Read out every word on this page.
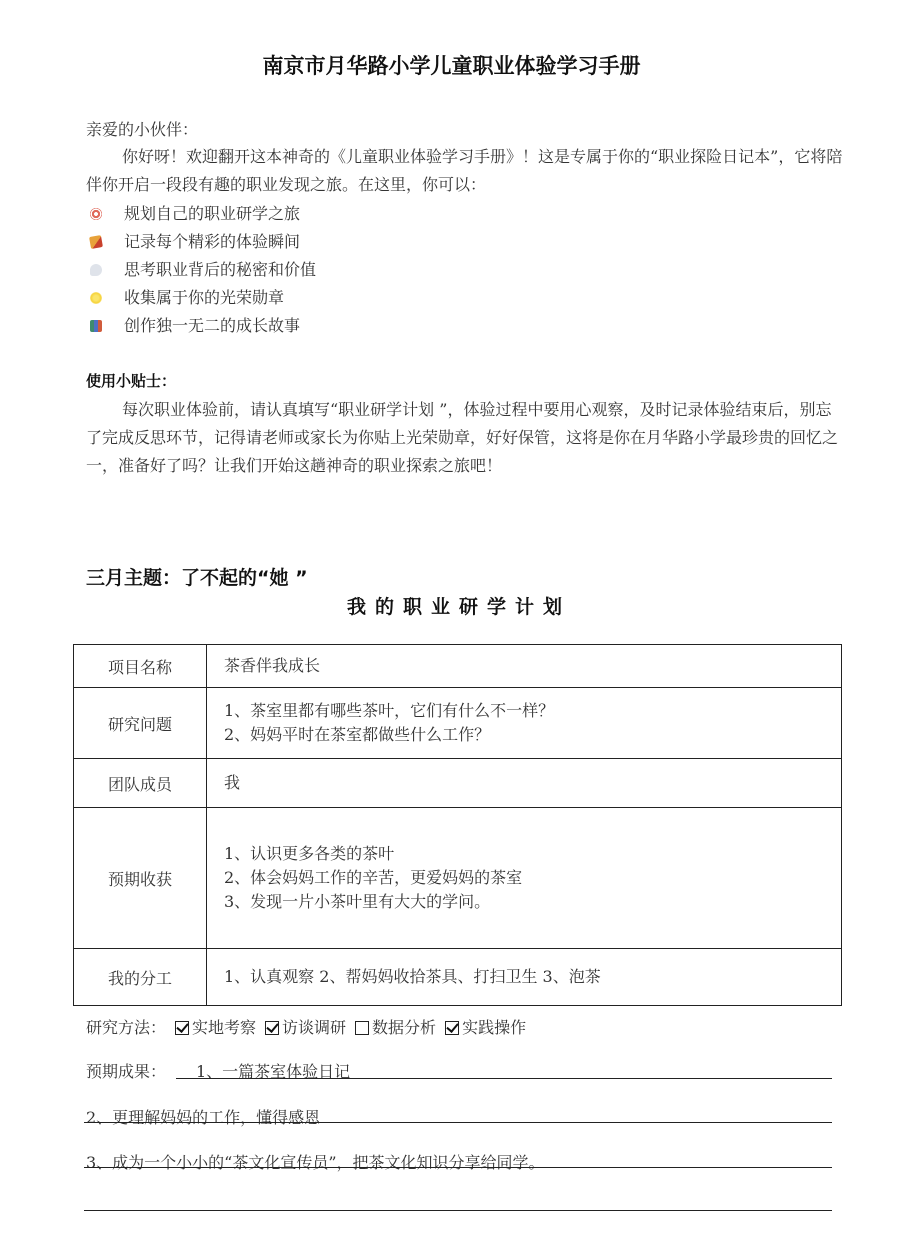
南京市月华路小学儿童职业体验学习手册
亲爱的小伙伴：
你好呀！欢迎翻开这本神奇的《儿童职业体验学习手册》！这是专属于你的“职业探险日记本”，它将陪伴你开启一段段有趣的职业发现之旅。在这里，你可以：
规划自己的职业研学之旅
记录每个精彩的体验瞬间
思考职业背后的秘密和价值
收集属于你的光荣勋章
创作独一无二的成长故事
使用小贴士：
每次职业体验前，请认真填写“职业研学计划 ”，体验过程中要用心观察，及时记录体验结束后，别忘了完成反思环节，记得请老师或家长为你贴上光荣勋章，好好保管，这将是你在月华路小学最珍贵的回忆之一，准备好了吗？让我们开始这趟神奇的职业探索之旅吧！
三月主题：了不起的“她 ”
我的职业研学计划
项目名称	茶香伴我成长

研究问题	1、茶室里都有哪些茶叶，它们有什么不一样？
2、妈妈平时在茶室都做些什么工作？

团队成员	我

预期收获	1、认识更多各类的茶叶
2、体会妈妈工作的辛苦，更爱妈妈的茶室
3、发现一片小茶叶里有大大的学问。

我的分工	1、认真观察 2、帮妈妈收拾茶具、打扫卫生 3、泡茶
研究方法： 实地考察 访谈调研 数据分析 实践操作
预期成果： 1、一篇茶室体验日记
2、更理解妈妈的工作，懂得感恩
3、成为一个小小的“茶文化宣传员”，把茶文化知识分享给同学。
